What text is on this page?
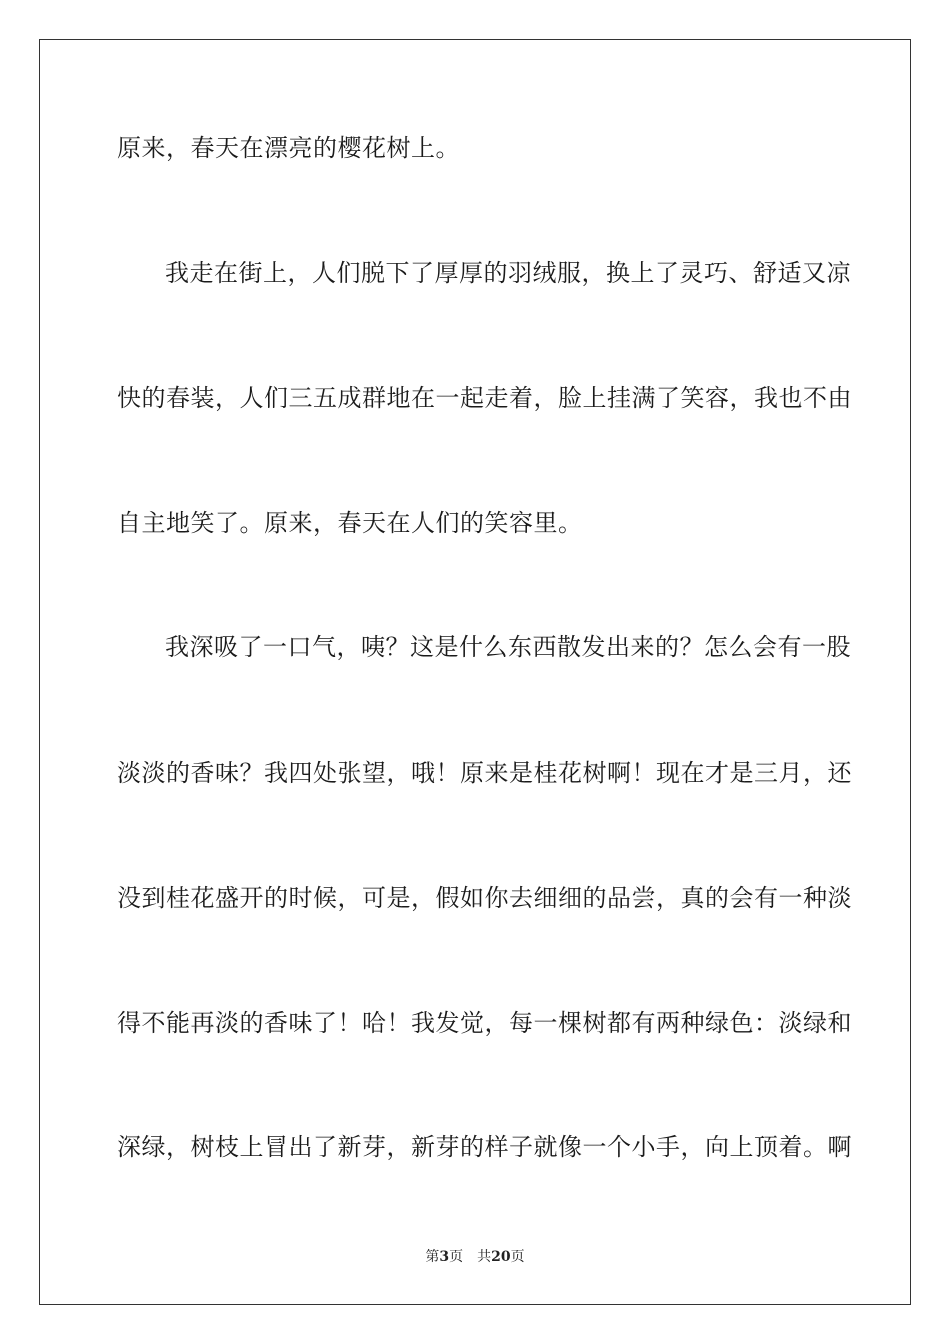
原来，春天在漂亮的樱花树上。
我走在街上，人们脱下了厚厚的羽绒服，换上了灵巧、舒适又凉
快的春装，人们三五成群地在一起走着，脸上挂满了笑容，我也不由
自主地笑了。原来，春天在人们的笑容里。
我深吸了一口气，咦？这是什么东西散发出来的？怎么会有一股
淡淡的香味？我四处张望，哦！原来是桂花树啊！现在才是三月，还
没到桂花盛开的时候，可是，假如你去细细的品尝，真的会有一种淡
得不能再淡的香味了！哈！我发觉，每一棵树都有两种绿色：淡绿和
深绿，树枝上冒出了新芽，新芽的样子就像一个小手，向上顶着。啊
第3页 共20页
